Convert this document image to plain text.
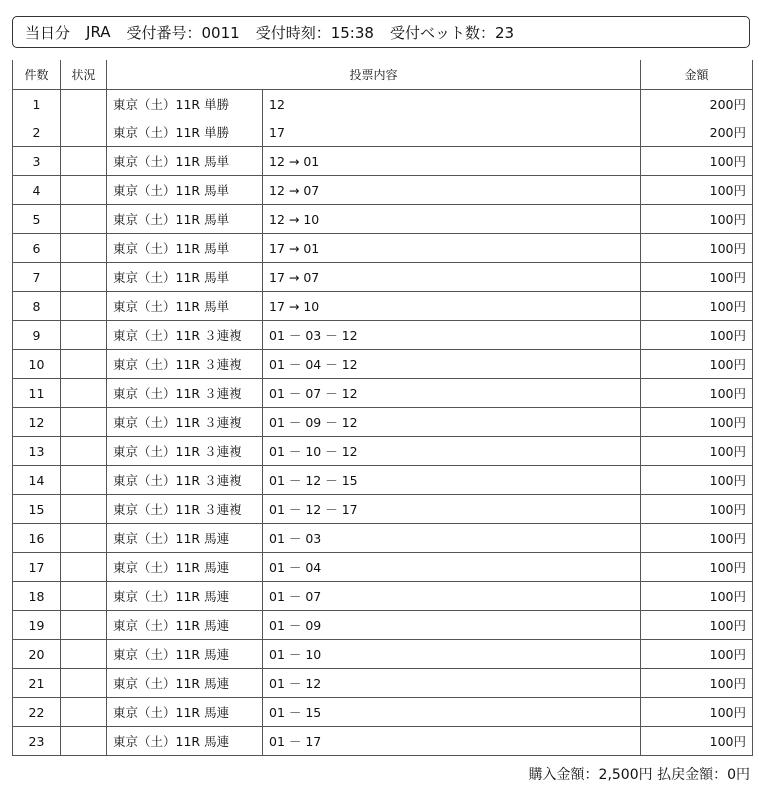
当日分 JRA 受付番号：0011 受付時刻：15:38 受付ベット数：23
件数	状況	投票内容		金額
1		東京（土）11R 単勝	12	200円
2		東京（土）11R 単勝	17	200円
3		東京（土）11R 馬単	12 → 01	100円
4		東京（土）11R 馬単	12 → 07	100円
5		東京（土）11R 馬単	12 → 10	100円
6		東京（土）11R 馬単	17 → 01	100円
7		東京（土）11R 馬単	17 → 07	100円
8		東京（土）11R 馬単	17 → 10	100円
9		東京（土）11R ３連複	01 － 03 － 12	100円
10		東京（土）11R ３連複	01 － 04 － 12	100円
11		東京（土）11R ３連複	01 － 07 － 12	100円
12		東京（土）11R ３連複	01 － 09 － 12	100円
13		東京（土）11R ３連複	01 － 10 － 12	100円
14		東京（土）11R ３連複	01 － 12 － 15	100円
15		東京（土）11R ３連複	01 － 12 － 17	100円
16		東京（土）11R 馬連	01 － 03	100円
17		東京（土）11R 馬連	01 － 04	100円
18		東京（土）11R 馬連	01 － 07	100円
19		東京（土）11R 馬連	01 － 09	100円
20		東京（土）11R 馬連	01 － 10	100円
21		東京（土）11R 馬連	01 － 12	100円
22		東京（土）11R 馬連	01 － 15	100円
23		東京（土）11R 馬連	01 － 17	100円
購入金額：2,500円 払戻金額：0円
